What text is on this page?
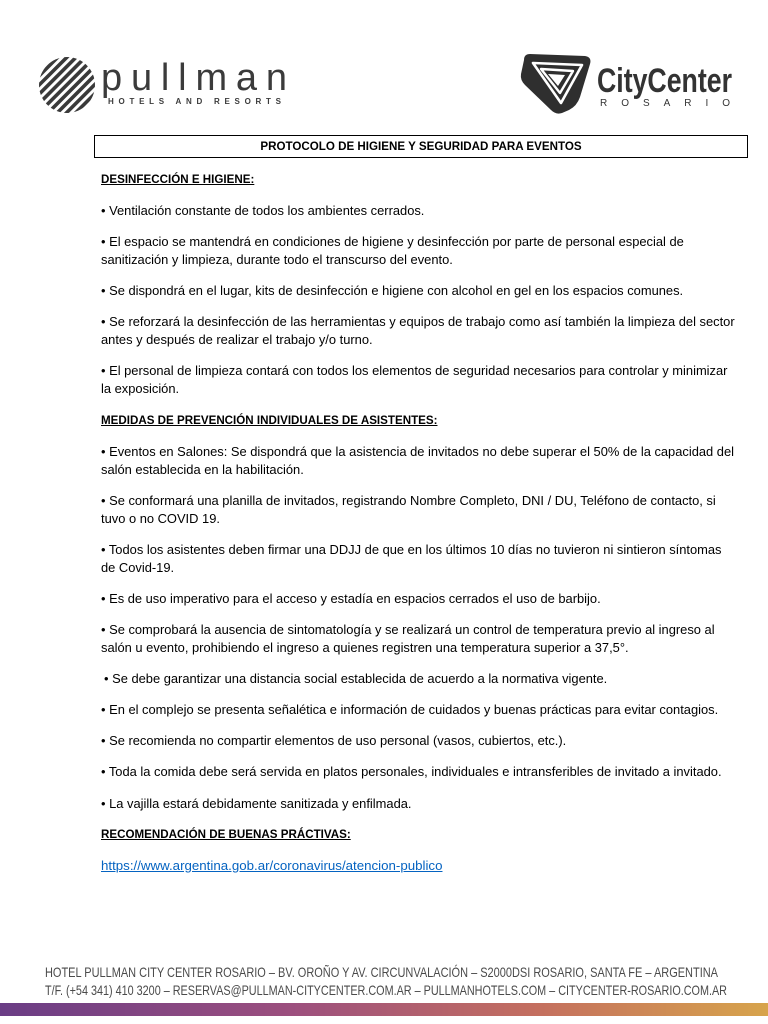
pullman
HOTELS AND RESORTS
CityCenter
ROSARIO
PROTOCOLO DE HIGIENE Y SEGURIDAD PARA EVENTOS
DESINFECCIÓN E HIGIENE:
• Ventilación constante de todos los ambientes cerrados.
• El espacio se mantendrá en condiciones de higiene y desinfección por parte de personal especial de
sanitización y limpieza, durante todo el transcurso del evento.
• Se dispondrá en el lugar, kits de desinfección e higiene con alcohol en gel en los espacios comunes.
• Se reforzará la desinfección de las herramientas y equipos de trabajo como así también la limpieza del sector
antes y después de realizar el trabajo y/o turno.
• El personal de limpieza contará con todos los elementos de seguridad necesarios para controlar y minimizar
la exposición.
MEDIDAS DE PREVENCIÓN INDIVIDUALES DE ASISTENTES:
• Eventos en Salones: Se dispondrá que la asistencia de invitados no debe superar el 50% de la capacidad del
salón establecida en la habilitación.
• Se conformará una planilla de invitados, registrando Nombre Completo, DNI / DU, Teléfono de contacto, si
tuvo o no COVID 19.
• Todos los asistentes deben firmar una DDJJ de que en los últimos 10 días no tuvieron ni sintieron síntomas
de Covid-19.
• Es de uso imperativo para el acceso y estadía en espacios cerrados el uso de barbijo.
• Se comprobará la ausencia de sintomatología y se realizará un control de temperatura previo al ingreso al
salón u evento, prohibiendo el ingreso a quienes registren una temperatura superior a 37,5°.
• Se debe garantizar una distancia social establecida de acuerdo a la normativa vigente.
• En el complejo se presenta señalética e información de cuidados y buenas prácticas para evitar contagios.
• Se recomienda no compartir elementos de uso personal (vasos, cubiertos, etc.).
• Toda la comida debe será servida en platos personales, individuales e intransferibles de invitado a invitado.
• La vajilla estará debidamente sanitizada y enfilmada.
RECOMENDACIÓN DE BUENAS PRÁCTIVAS:
https://www.argentina.gob.ar/coronavirus/atencion-publico
HOTEL PULLMAN CITY CENTER ROSARIO – BV. OROÑO Y AV. CIRCUNVALACIÓN – S2000DSI ROSARIO, SANTA FE – ARGENTINA
T/F. (+54 341) 410 3200 – RESERVAS@PULLMAN-CITYCENTER.COM.AR – PULLMANHOTELS.COM – CITYCENTER-ROSARIO.COM.AR
